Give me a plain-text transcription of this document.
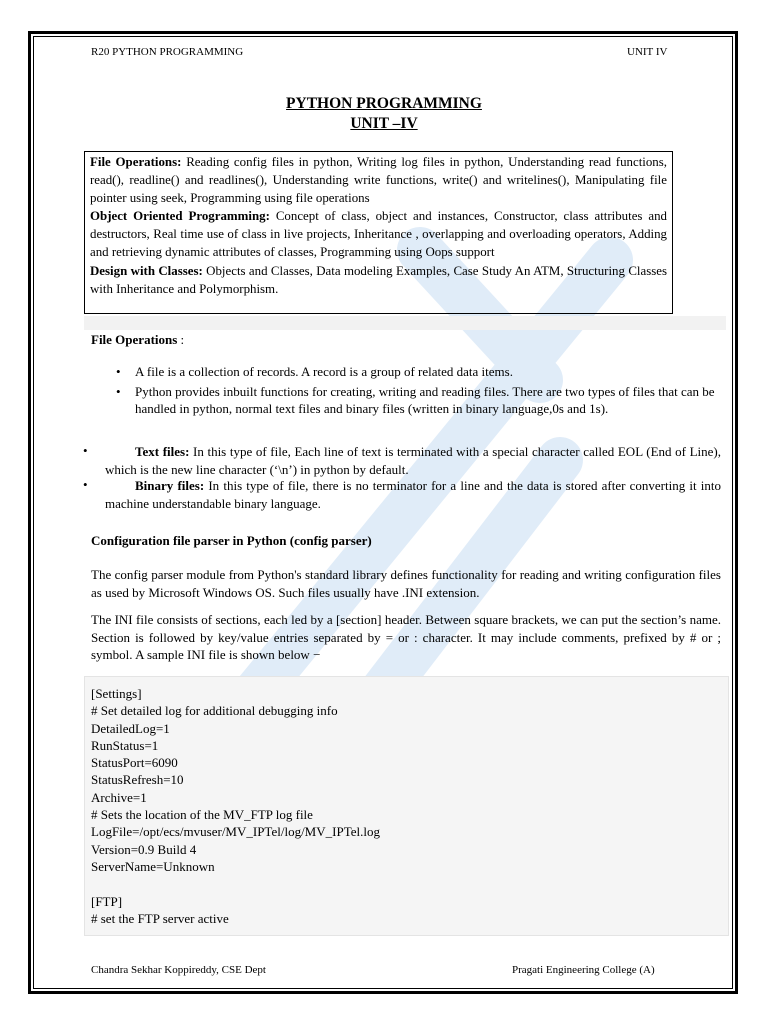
R20 PYTHON PROGRAMMING	UNIT IV
PYTHON PROGRAMMING
UNIT –IV

File Operations: Reading config files in python, Writing log files in python, Understanding read functions, read(), readline() and readlines(), Understanding write functions, write() and writelines(), Manipulating file pointer using seek, Programming using file operations

Object Oriented Programming: Concept of class, object and instances, Constructor, class attributes and destructors, Real time use of class in live projects, Inheritance , overlapping and overloading operators, Adding and retrieving dynamic attributes of classes, Programming using Oops support

Design with Classes: Objects and Classes, Data modeling Examples, Case Study An ATM, Structuring Classes with Inheritance and Polymorphism.

File Operations :
• A file is a collection of records. A record is a group of related data items.
• Python provides inbuilt functions for creating, writing and reading files. There are two types of files that can be handled in python, normal text files and binary files (written in binary language,0s and 1s).
•	Text files: In this type of file, Each line of text is terminated with a special character called EOL (End of Line), which is the new line character (‘\n’) in python by default.
•	Binary files: In this type of file, there is no terminator for a line and the data is stored after converting it into machine understandable binary language.
Configuration file parser in Python (config parser)
The config parser module from Python's standard library defines functionality for reading and writing configuration files as used by Microsoft Windows OS. Such files usually have .INI extension.
The INI file consists of sections, each led by a [section] header. Between square brackets, we can put the section’s name. Section is followed by key/value entries separated by = or : character. It may include comments, prefixed by # or ; symbol. A sample INI file is shown below −
[Settings]
# Set detailed log for additional debugging info
DetailedLog=1
RunStatus=1
StatusPort=6090
StatusRefresh=10
Archive=1
# Sets the location of the MV_FTP log file
LogFile=/opt/ecs/mvuser/MV_IPTel/log/MV_IPTel.log
Version=0.9 Build 4
ServerName=Unknown
[FTP]
# set the FTP server active
Chandra Sekhar Koppireddy, CSE Dept	Pragati Engineering College (A)
